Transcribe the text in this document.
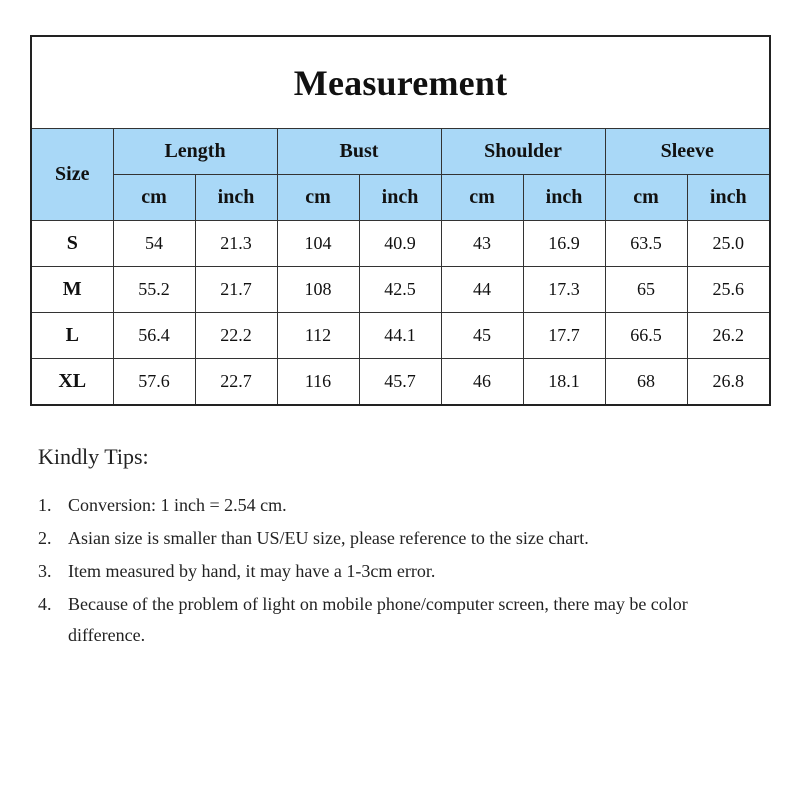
Measurement								
Size	Length		Bust		Shoulder		Sleeve	
	cm	inch	cm	inch	cm	inch	cm	inch
S	54	21.3	104	40.9	43	16.9	63.5	25.0
M	55.2	21.7	108	42.5	44	17.3	65	25.6
L	56.4	22.2	112	44.1	45	17.7	66.5	26.2
XL	57.6	22.7	116	45.7	46	18.1	68	26.8
Kindly Tips:
1. Conversion: 1 inch = 2.54 cm.
2. Asian size is smaller than US/EU size, please reference to the size chart.
3. Item measured by hand, it may have a 1-3cm error.
4. Because of the problem of light on mobile phone/computer screen, there may be color difference.
